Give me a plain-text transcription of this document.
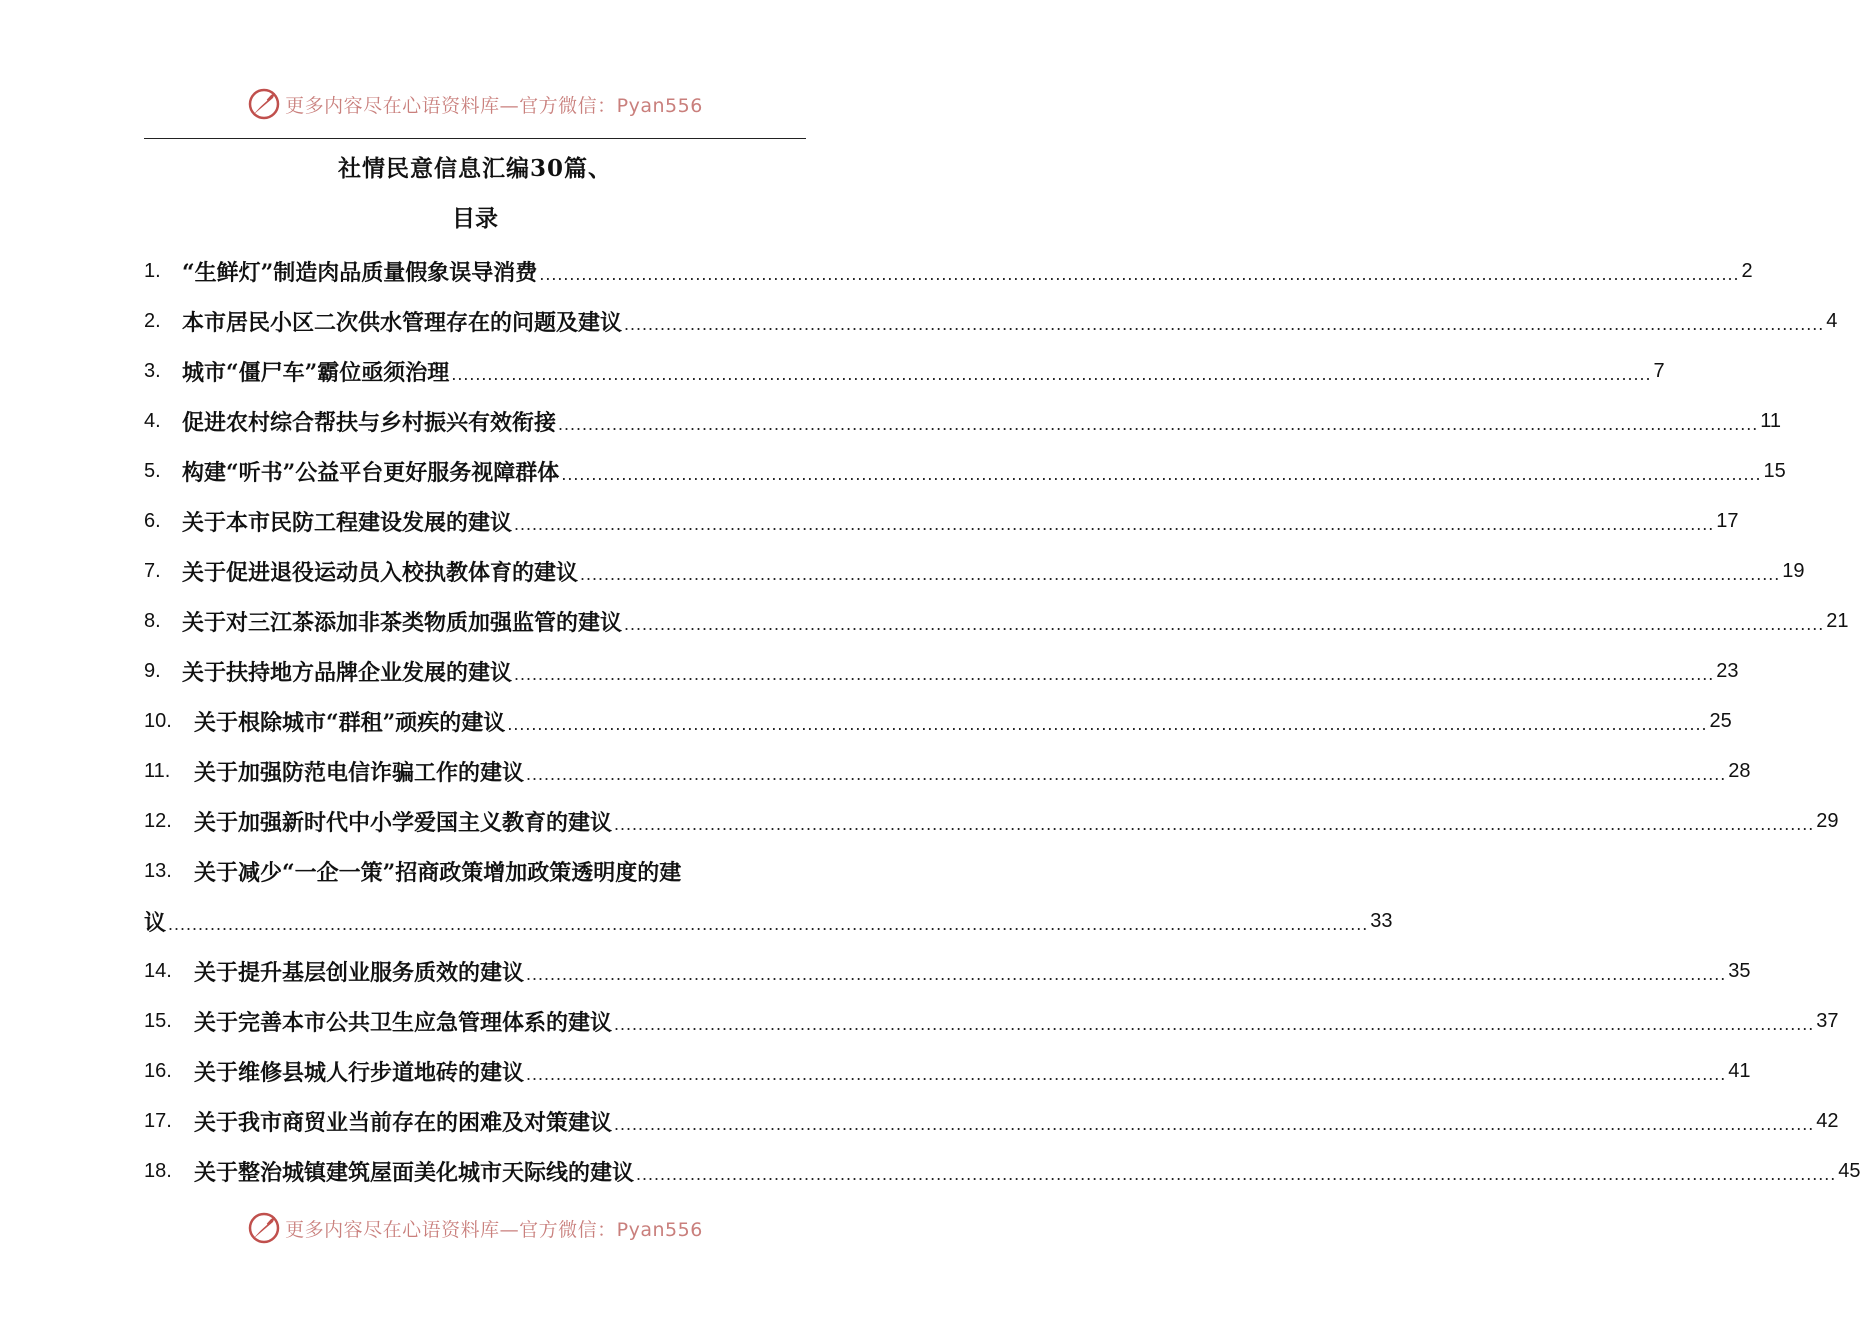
更多内容尽在心语资料库—官方微信：Pyan556
社情民意信息汇编30篇、
目录
1. “生鲜灯”制造肉品质量假象误导消费 ........................................................................................................................................................................................................ 2
2. 本市居民小区二次供水管理存在的问题及建议 ........................................................................................................................................................................................................ 4
3. 城市“僵尸车”霸位亟须治理 ........................................................................................................................................................................................................ 7
4. 促进农村综合帮扶与乡村振兴有效衔接 ........................................................................................................................................................................................................ 11
5. 构建“听书”公益平台更好服务视障群体 ........................................................................................................................................................................................................ 15
6. 关于本市民防工程建设发展的建议 ........................................................................................................................................................................................................ 17
7. 关于促进退役运动员入校执教体育的建议 ........................................................................................................................................................................................................ 19
8. 关于对三江茶添加非茶类物质加强监管的建议 ........................................................................................................................................................................................................ 21
9. 关于扶持地方品牌企业发展的建议 ........................................................................................................................................................................................................ 23
10.	关于根除城市“群租”顽疾的建议 ........................................................................................................................................................................................................ 25
11.	关于加强防范电信诈骗工作的建议 ........................................................................................................................................................................................................ 28
12.	关于加强新时代中小学爱国主义教育的建议 ........................................................................................................................................................................................................ 29
13.	关于减少“一企一策”招商政策增加政策透明度的建
议 ........................................................................................................................................................................................................ 33
14.	关于提升基层创业服务质效的建议 ........................................................................................................................................................................................................ 35
15.	关于完善本市公共卫生应急管理体系的建议 ........................................................................................................................................................................................................ 37
16.	关于维修县城人行步道地砖的建议 ........................................................................................................................................................................................................ 41
17.	关于我市商贸业当前存在的困难及对策建议 ........................................................................................................................................................................................................ 42
18.	关于整治城镇建筑屋面美化城市天际线的建议 ........................................................................................................................................................................................................ 45
更多内容尽在心语资料库—官方微信：Pyan556
